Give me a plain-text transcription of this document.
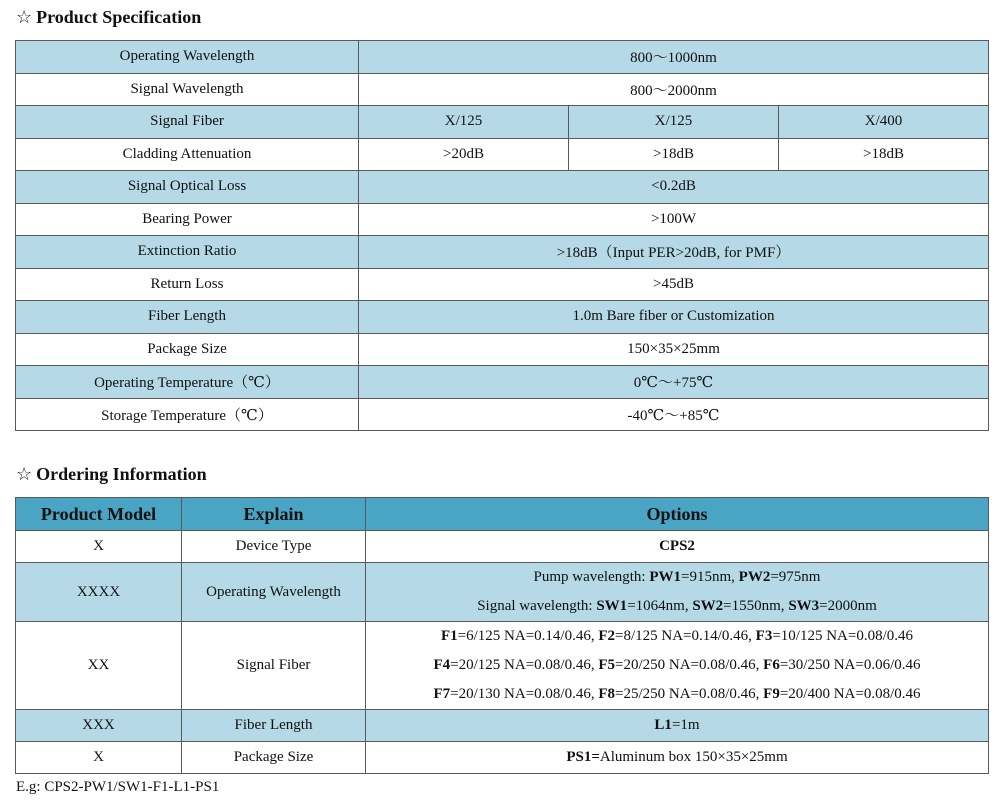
☆ Product Specification
Operating Wavelength	800～1000nm		
Signal Wavelength	800～2000nm		
Signal Fiber	X/125	X/125	X/400
Cladding Attenuation	>20dB	>18dB	>18dB
Signal Optical Loss	<0.2dB		
Bearing Power	>100W		
Extinction Ratio	>18dB（Input PER>20dB, for PMF）		
Return Loss	>45dB		
Fiber Length	1.0m Bare fiber or Customization		
Package Size	150×35×25mm		
Operating Temperature（℃）	0℃～+75℃		
Storage Temperature（℃）	-40℃～+85℃		
☆ Ordering Information
Product Model	Explain	Options
X	Device Type	CPS2
XXXX	Operating Wavelength	Pump wavelength: PW1=915nm, PW2=975nm
Signal wavelength: SW1=1064nm, SW2=1550nm, SW3=2000nm

XX	Signal Fiber	F1=6/125 NA=0.14/0.46, F2=8/125 NA=0.14/0.46, F3=10/125 NA=0.08/0.46
F4=20/125 NA=0.08/0.46, F5=20/250 NA=0.08/0.46, F6=30/250 NA=0.06/0.46
F7=20/130 NA=0.08/0.46, F8=25/250 NA=0.08/0.46, F9=20/400 NA=0.08/0.46

XXX	Fiber Length	L1=1m
X	Package Size	PS1=Aluminum box 150×35×25mm
E.g: CPS2-PW1/SW1-F1-L1-PS1
